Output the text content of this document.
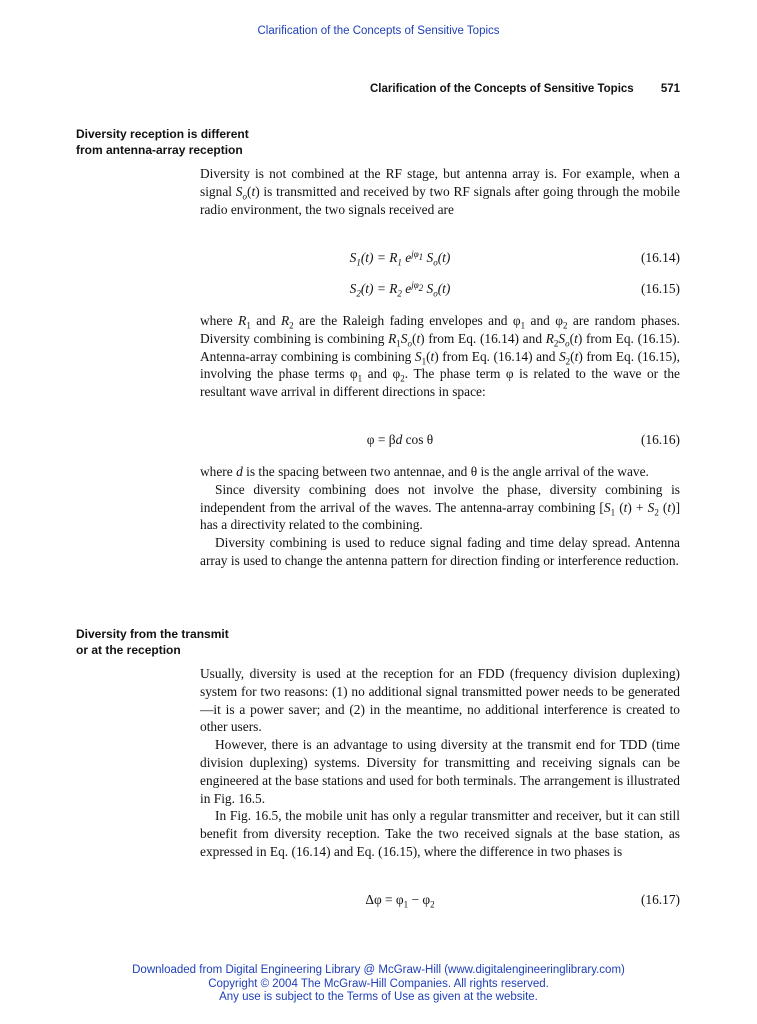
Clarification of the Concepts of Sensitive Topics
Clarification of the Concepts of Sensitive Topics 571
Diversity reception is different
from antenna-array reception

Diversity is not combined at the RF stage, but antenna array is. For example, when a signal $S_o(t)$ is transmitted and received by two RF signals after going through the mobile radio environment, the two signals received are

$S_1(t) = R_1$ $e^{j\varphi_1}$ $S_o(t)$	(16.14)
$S_2(t) = R_2$ $e^{j\varphi_2}$ $S_o(t)$	(16.15)

where $R_1$ and $R_2$ are the Raleigh fading envelopes and $\varphi_1$ and $\varphi_2$ are random phases. Diversity combining is combining $R_1S_o(t)$ from Eq. (16.14) and $R_2S_o(t)$ from Eq. (16.15). Antenna-array combining is combining $S_1(t)$ from Eq. (16.14) and $S_2(t)$ from Eq. (16.15), involving the phase terms $\varphi_1$ and $\varphi_2$. The phase term φ is related to the wave or the resultant wave arrival in different directions in space:

φ = βd cos θ	(16.16)

where d is the spacing between two antennae, and θ is the angle arrival of the wave.

Since diversity combining does not involve the phase, diversity combining is independent from the arrival of the waves. The antenna-array combining [$S_1$ $(t) + S_2$ (t)] has a directivity related to the combining.

Diversity combining is used to reduce signal fading and time delay spread. Antenna array is used to change the antenna pattern for direction finding or interference reduction.

Diversity from the transmit
or at the reception

Usually, diversity is used at the reception for an FDD (frequency division duplexing) system for two reasons: (1) no additional signal transmitted power needs to be generated—it is a power saver; and (2) in the meantime, no additional interference is created to other users.

However, there is an advantage to using diversity at the transmit end for TDD (time division duplexing) systems. Diversity for transmitting and receiving signals can be engineered at the base stations and used for both terminals. The arrangement is illustrated in Fig. 16.5.

In Fig. 16.5, the mobile unit has only a regular transmitter and receiver, but it can still benefit from diversity reception. Take the two received signals at the base station, as expressed in Eq. (16.14) and Eq. (16.15), where the difference in two phases is

$\Delta\varphi = \varphi_1 - \varphi_2$	(16.17)
Downloaded from Digital Engineering Library @ McGraw-Hill (www.digitalengineeringlibrary.com)
Copyright © 2004 The McGraw-Hill Companies. All rights reserved.
Any use is subject to the Terms of Use as given at the website.
